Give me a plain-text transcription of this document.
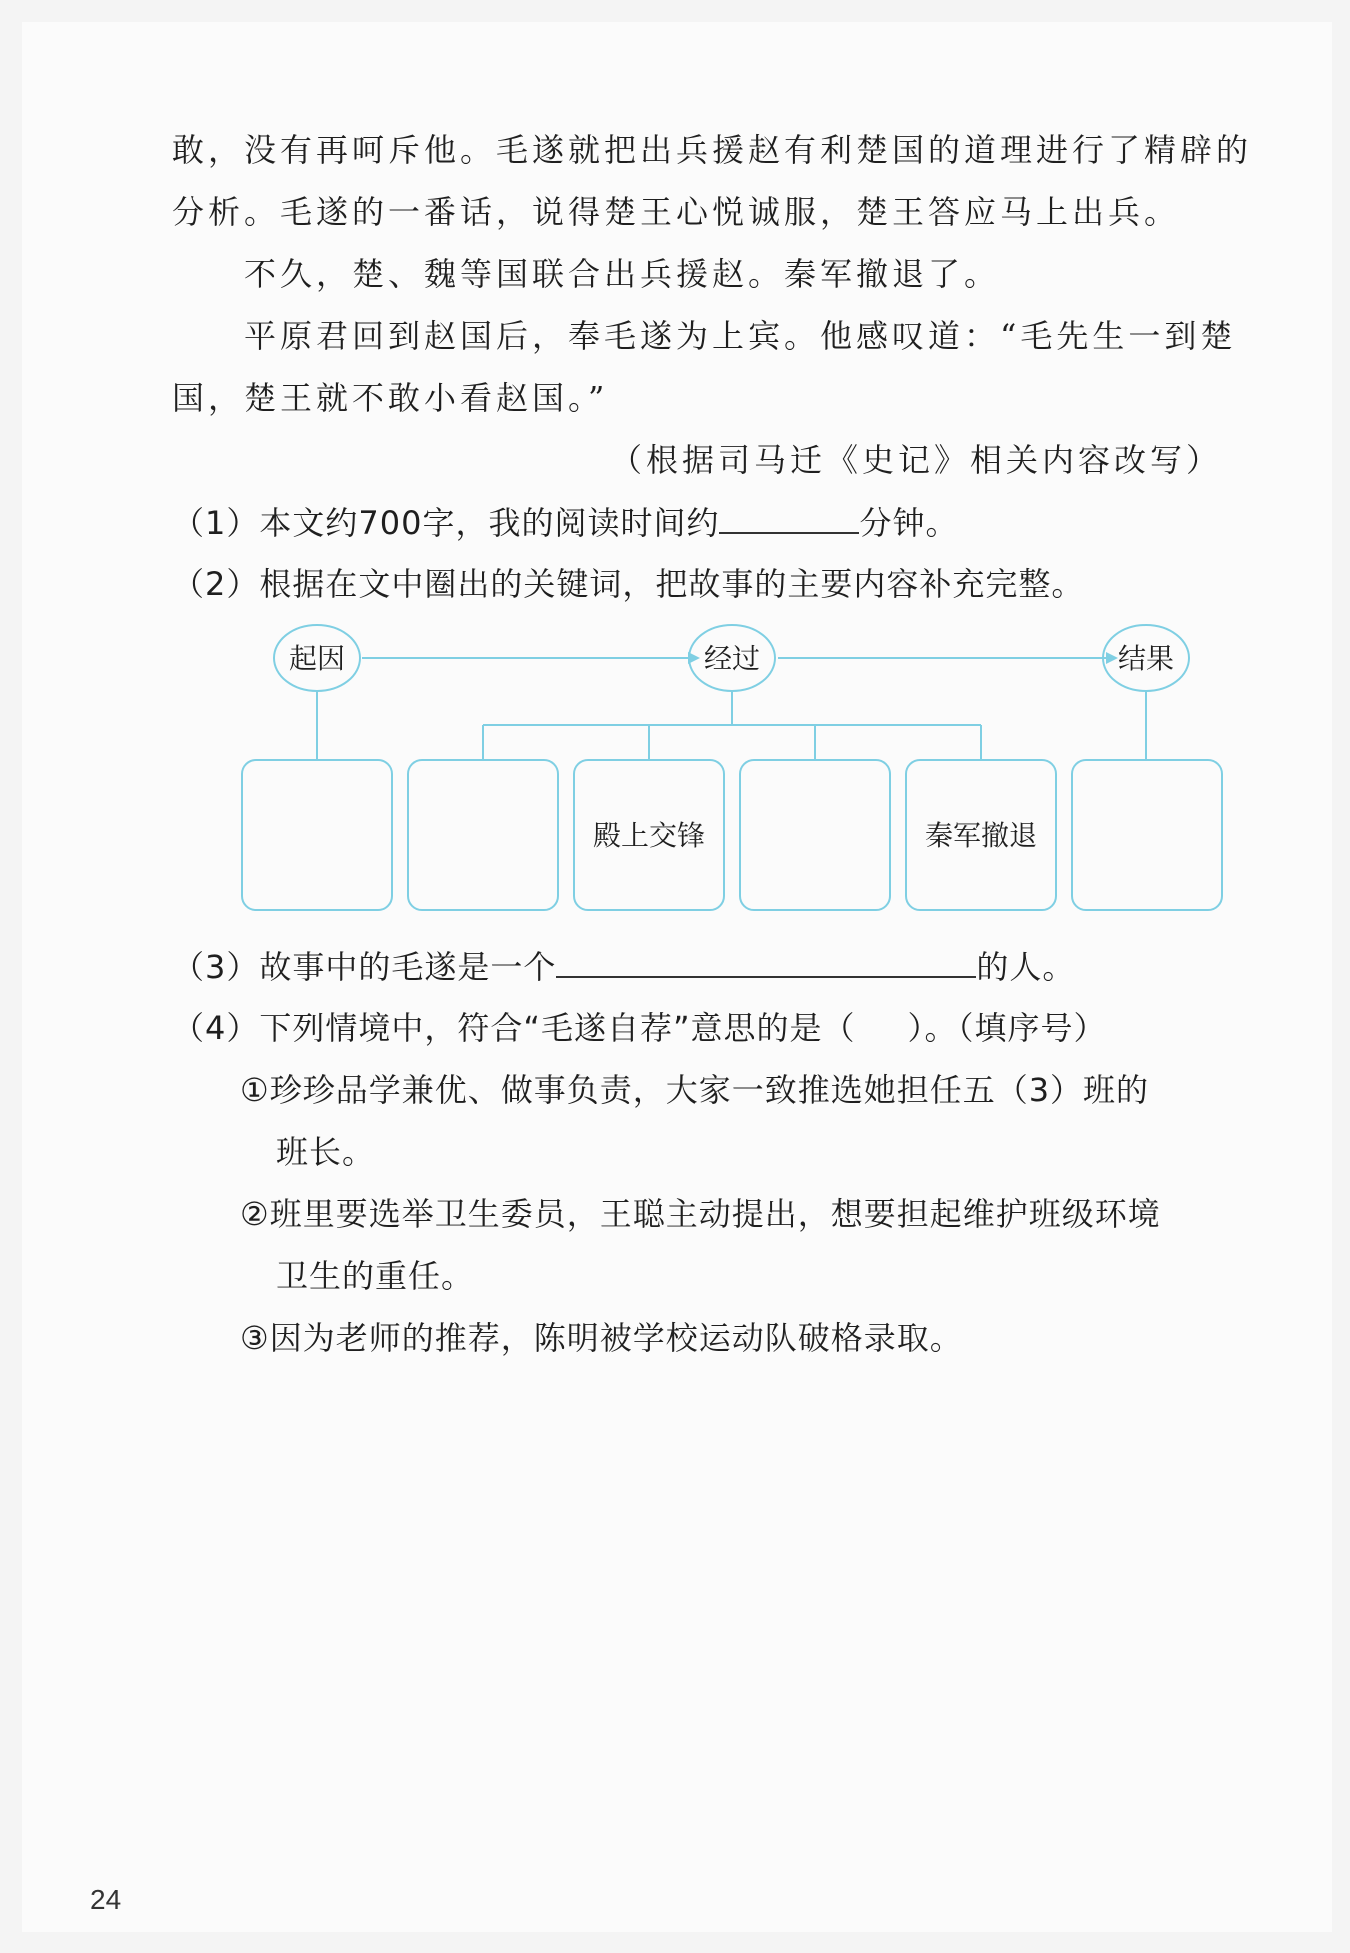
敢，没有再呵斥他。毛遂就把出兵援赵有利楚国的道理进行了精辟的
分析。毛遂的一番话，说得楚王心悦诚服，楚王答应马上出兵。
不久，楚、魏等国联合出兵援赵。秦军撤退了。
平原君回到赵国后，奉毛遂为上宾。他感叹道：“毛先生一到楚
国，楚王就不敢小看赵国。”
（根据司马迁《史记》相关内容改写）
（1）本文约700字，我的阅读时间约	分钟。
（2）根据在文中圈出的关键词，把故事的主要内容补充完整。
起因	经过	结果
殿上交锋	秦军撤退
（3）故事中的毛遂是一个	的人。
（4）下列情境中，符合“毛遂自荐”意思的是（ ）。（填序号）
①珍珍品学兼优、做事负责，大家一致推选她担任五（3）班的
班长。
②班里要选举卫生委员，王聪主动提出，想要担起维护班级环境
卫生的重任。
③因为老师的推荐，陈明被学校运动队破格录取。
24
